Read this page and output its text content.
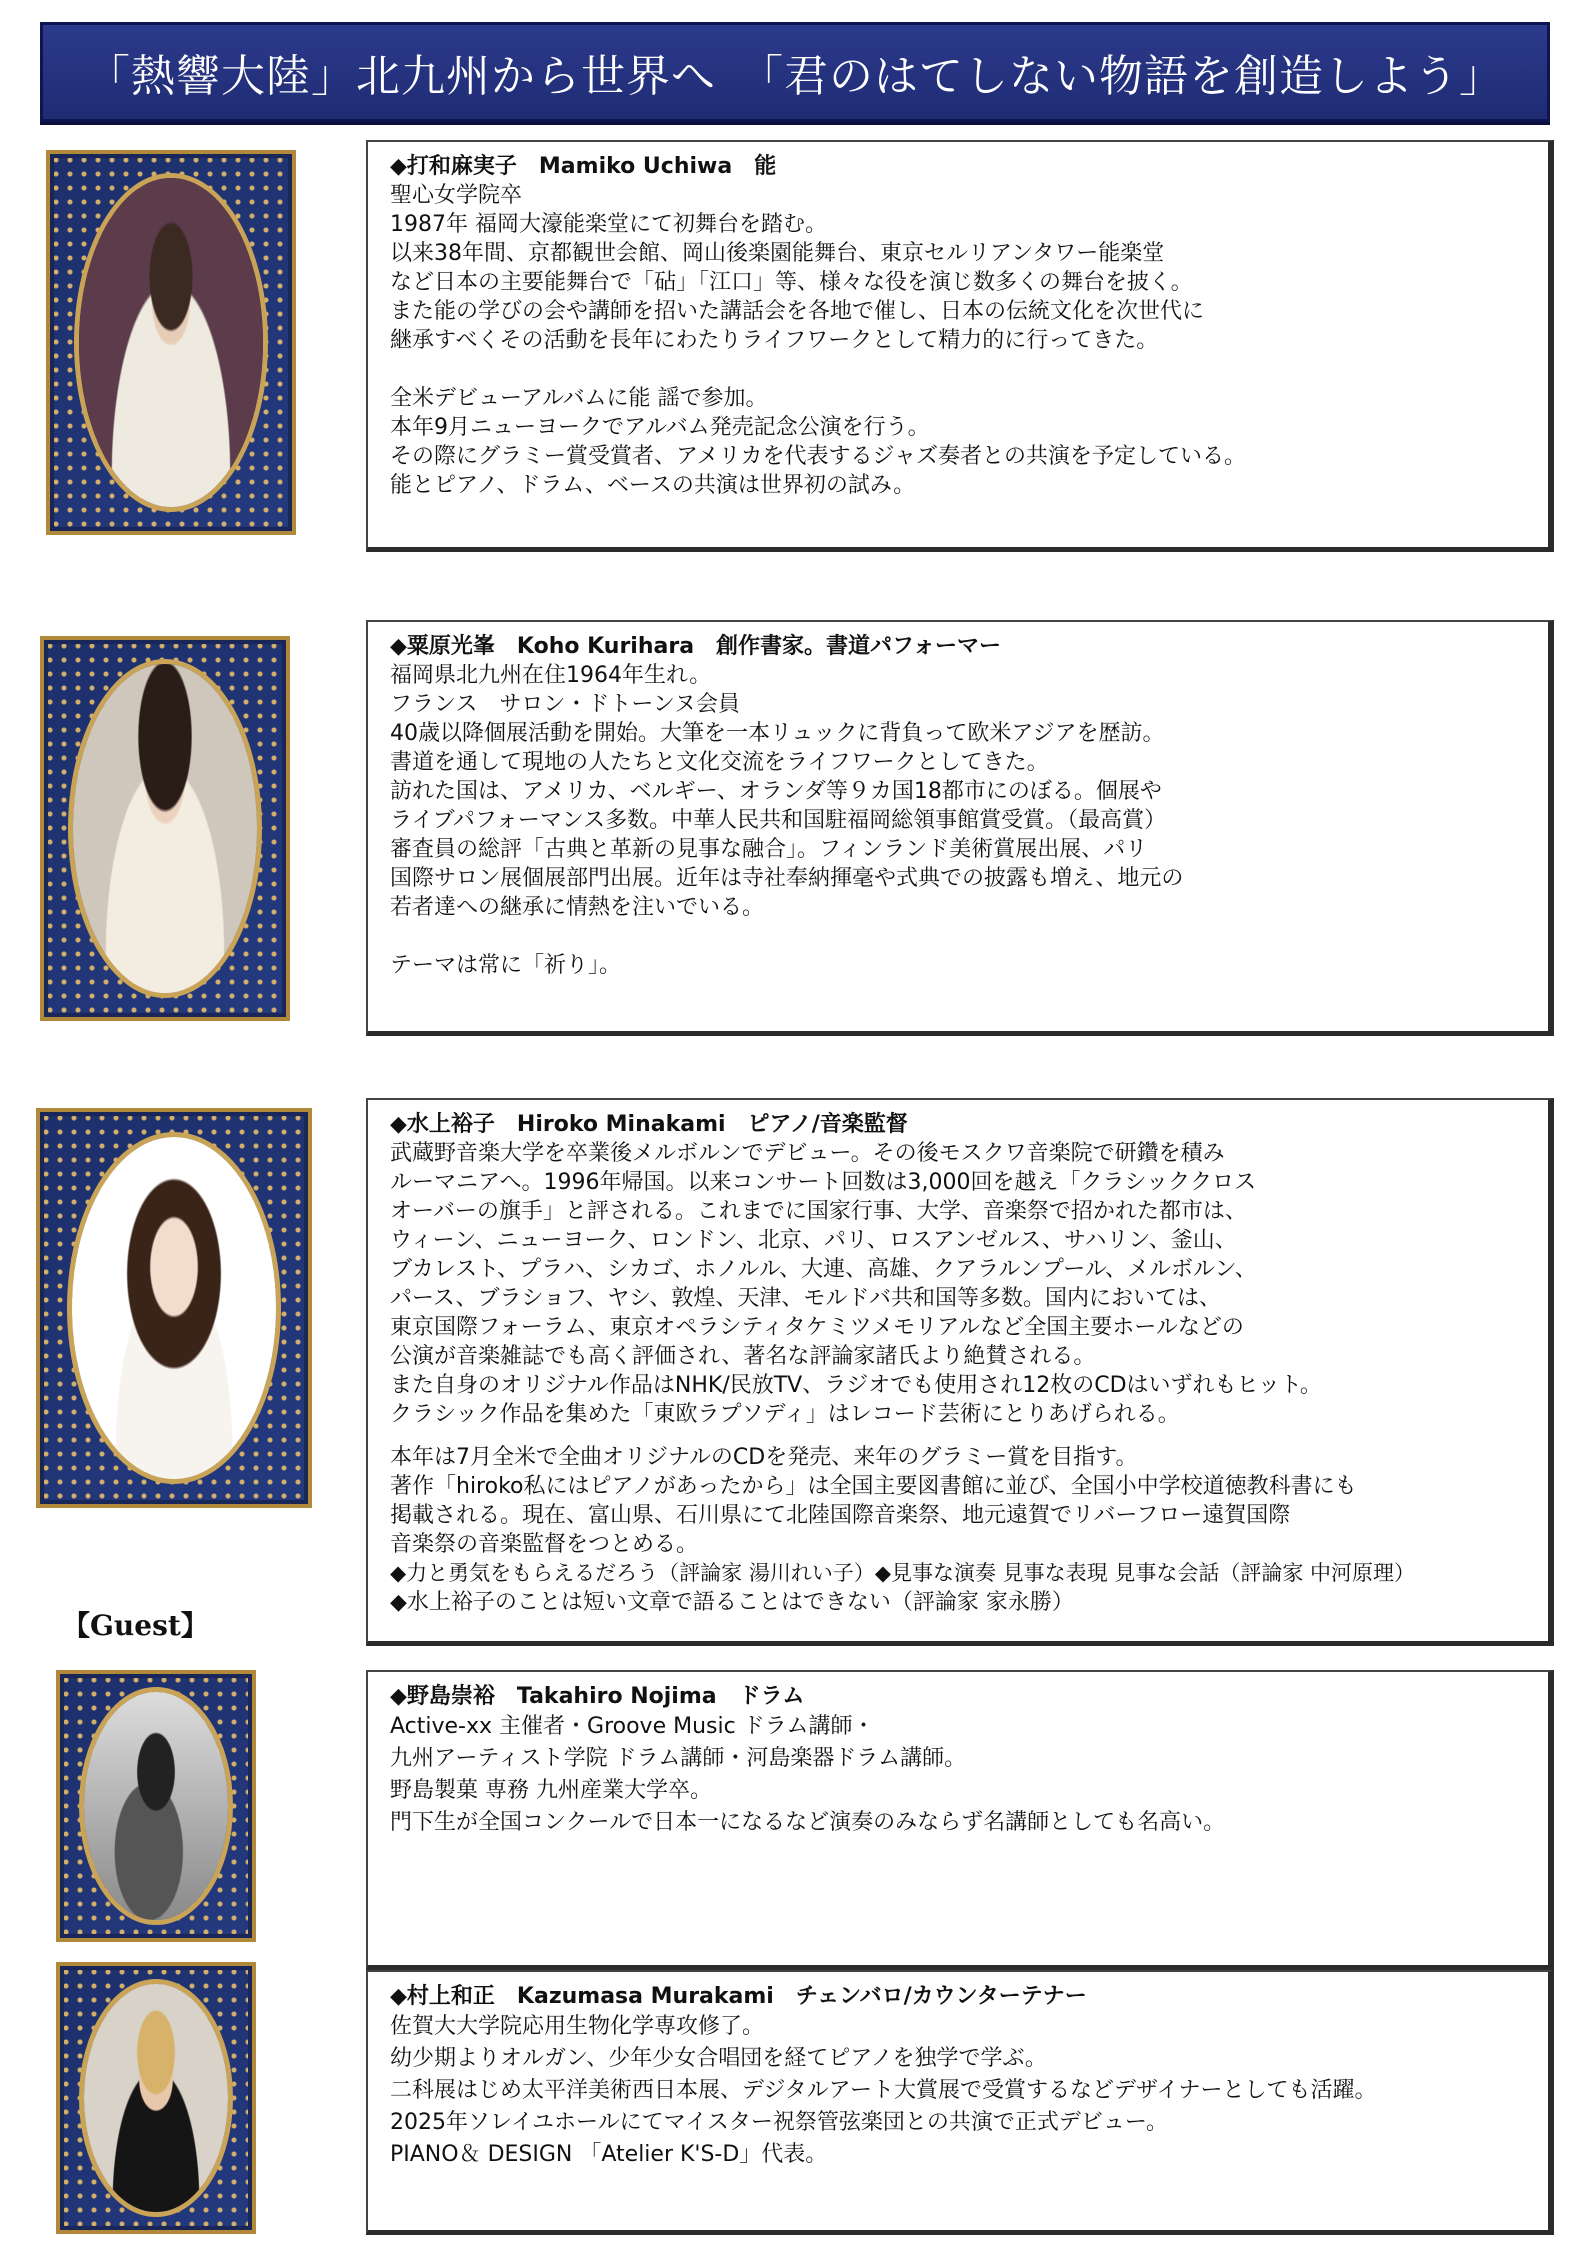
「熱響大陸」北九州から世界へ　「君のはてしない物語を創造しよう」

◆打和麻実子　Mamiko Uchiwa　能

聖心女学院卒

1987年 福岡大濠能楽堂にて初舞台を踏む。

以来38年間、京都観世会館、岡山後楽園能舞台、東京セルリアンタワー能楽堂

など日本の主要能舞台で「砧」「江口」等、様々な役を演じ数多くの舞台を披く。

また能の学びの会や講師を招いた講話会を各地で催し、日本の伝統文化を次世代に

継承すべくその活動を長年にわたりライフワークとして精力的に行ってきた。

全米デビューアルバムに能 謡で参加。

本年9月ニューヨークでアルバム発売記念公演を行う。

その際にグラミー賞受賞者、アメリカを代表するジャズ奏者との共演を予定している。

能とピアノ、ドラム、ベースの共演は世界初の試み。

◆粟原光峯　Koho Kurihara　創作書家。書道パフォーマー

福岡県北九州在住1964年生れ。

フランス　サロン・ドトーンヌ会員

40歳以降個展活動を開始。大筆を一本リュックに背負って欧米アジアを歴訪。

書道を通して現地の人たちと文化交流をライフワークとしてきた。

訪れた国は、アメリカ、ベルギー、オランダ等９カ国18都市にのぼる。個展や

ライブパフォーマンス多数。中華人民共和国駐福岡総領事館賞受賞。（最高賞）

審査員の総評「古典と革新の見事な融合」。フィンランド美術賞展出展、パリ

国際サロン展個展部門出展。近年は寺社奉納揮毫や式典での披露も増え、地元の

若者達への継承に情熱を注いでいる。

テーマは常に「祈り」。

◆水上裕子　Hiroko Minakami　ピアノ/音楽監督

武蔵野音楽大学を卒業後メルボルンでデビュー。その後モスクワ音楽院で研鑽を積み

ルーマニアへ。1996年帰国。以来コンサート回数は3,000回を越え「クラシッククロス

オーバーの旗手」と評される。これまでに国家行事、大学、音楽祭で招かれた都市は、

ウィーン、ニューヨーク、ロンドン、北京、パリ、ロスアンゼルス、サハリン、釜山、

ブカレスト、プラハ、シカゴ、ホノルル、大連、高雄、クアラルンプール、メルボルン、

パース、ブラショフ、ヤシ、敦煌、天津、モルドバ共和国等多数。国内においては、

東京国際フォーラム、東京オペラシティタケミツメモリアルなど全国主要ホールなどの

公演が音楽雑誌でも高く評価され、著名な評論家諸氏より絶賛される。

また自身のオリジナル作品はNHK/民放TV、ラジオでも使用され12枚のCDはいずれもヒット。

クラシック作品を集めた「東欧ラプソディ」はレコード芸術にとりあげられる。

本年は7月全米で全曲オリジナルのCDを発売、来年のグラミー賞を目指す。

著作「hiroko私にはピアノがあったから」は全国主要図書館に並び、全国小中学校道徳教科書にも

掲載される。現在、富山県、石川県にて北陸国際音楽祭、地元遠賀でリバーフロー遠賀国際

音楽祭の音楽監督をつとめる。

◆力と勇気をもらえるだろう（評論家 湯川れい子）◆見事な演奏 見事な表現 見事な会話（評論家 中河原理）

◆水上裕子のことは短い文章で語ることはできない（評論家 家永勝）

【Guest】

◆野島崇裕　Takahiro Nojima　ドラム

Active-xx 主催者・Groove Music ドラム講師・

九州アーティスト学院 ドラム講師・河島楽器ドラム講師。

野島製菓 専務 九州産業大学卒。

門下生が全国コンクールで日本一になるなど演奏のみならず名講師としても名高い。

◆村上和正　Kazumasa Murakami　チェンバロ/カウンターテナー

佐賀大大学院応用生物化学専攻修了。

幼少期よりオルガン、少年少女合唱団を経てピアノを独学で学ぶ。

二科展はじめ太平洋美術西日本展、デジタルアート大賞展で受賞するなどデザイナーとしても活躍。

2025年ソレイユホールにてマイスター祝祭管弦楽団との共演で正式デビュー。

PIANO＆ DESIGN 「Atelier K'S-D」代表。
